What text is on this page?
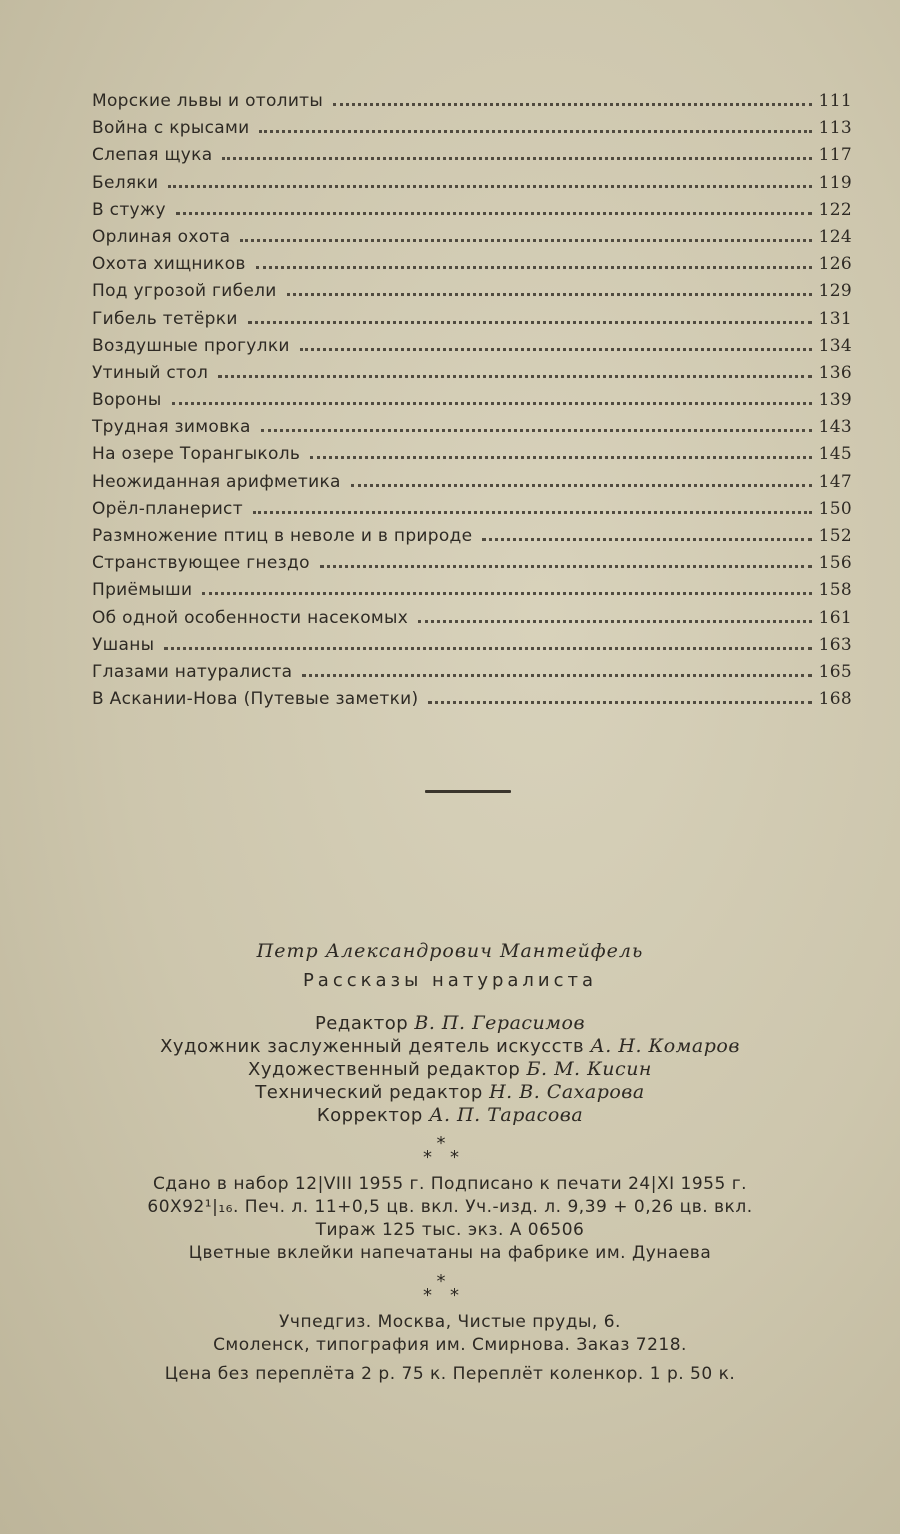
Морские львы и отолиты	111
Война с крысами	113
Слепая щука	117
Беляки	119
В стужу	122
Орлиная охота	124
Охота хищников	126
Под угрозой гибели	129
Гибель тетёрки	131
Воздушные прогулки	134
Утиный стол	136
Вороны	139
Трудная зимовка	143
На озере Торангыколь	145
Неожиданная арифметика	147
Орёл-планерист	150
Размножение птиц в неволе и в природе	152
Странствующее гнездо	156
Приёмыши	158
Об одной особенности насекомых	161
Ушаны	163
Глазами натуралиста	165
В Аскании-Нова (Путевые заметки)	168
Петр Александрович Мантейфель
Рассказы натуралиста
Редактор В. П. Герасимов
Художник заслуженный деятель искусств А. Н. Комаров
Художественный редактор Б. М. Кисин
Технический редактор Н. В. Сахарова
Корректор А. П. Тарасова
*
**
Сдано в набор 12|VIII 1955 г. Подписано к печати 24|XI 1955 г.
60Х92¹|₁₆. Печ. л. 11+0,5 цв. вкл. Уч.-изд. л. 9,39 + 0,26 цв. вкл.
Тираж 125 тыс. экз. А 06506
Цветные вклейки напечатаны на фабрике им. Дунаева
*
**
Учпедгиз. Москва, Чистые пруды, 6.
Смоленск, типография им. Смирнова. Заказ 7218.
Цена без переплёта 2 р. 75 к. Переплёт коленкор. 1 р. 50 к.
